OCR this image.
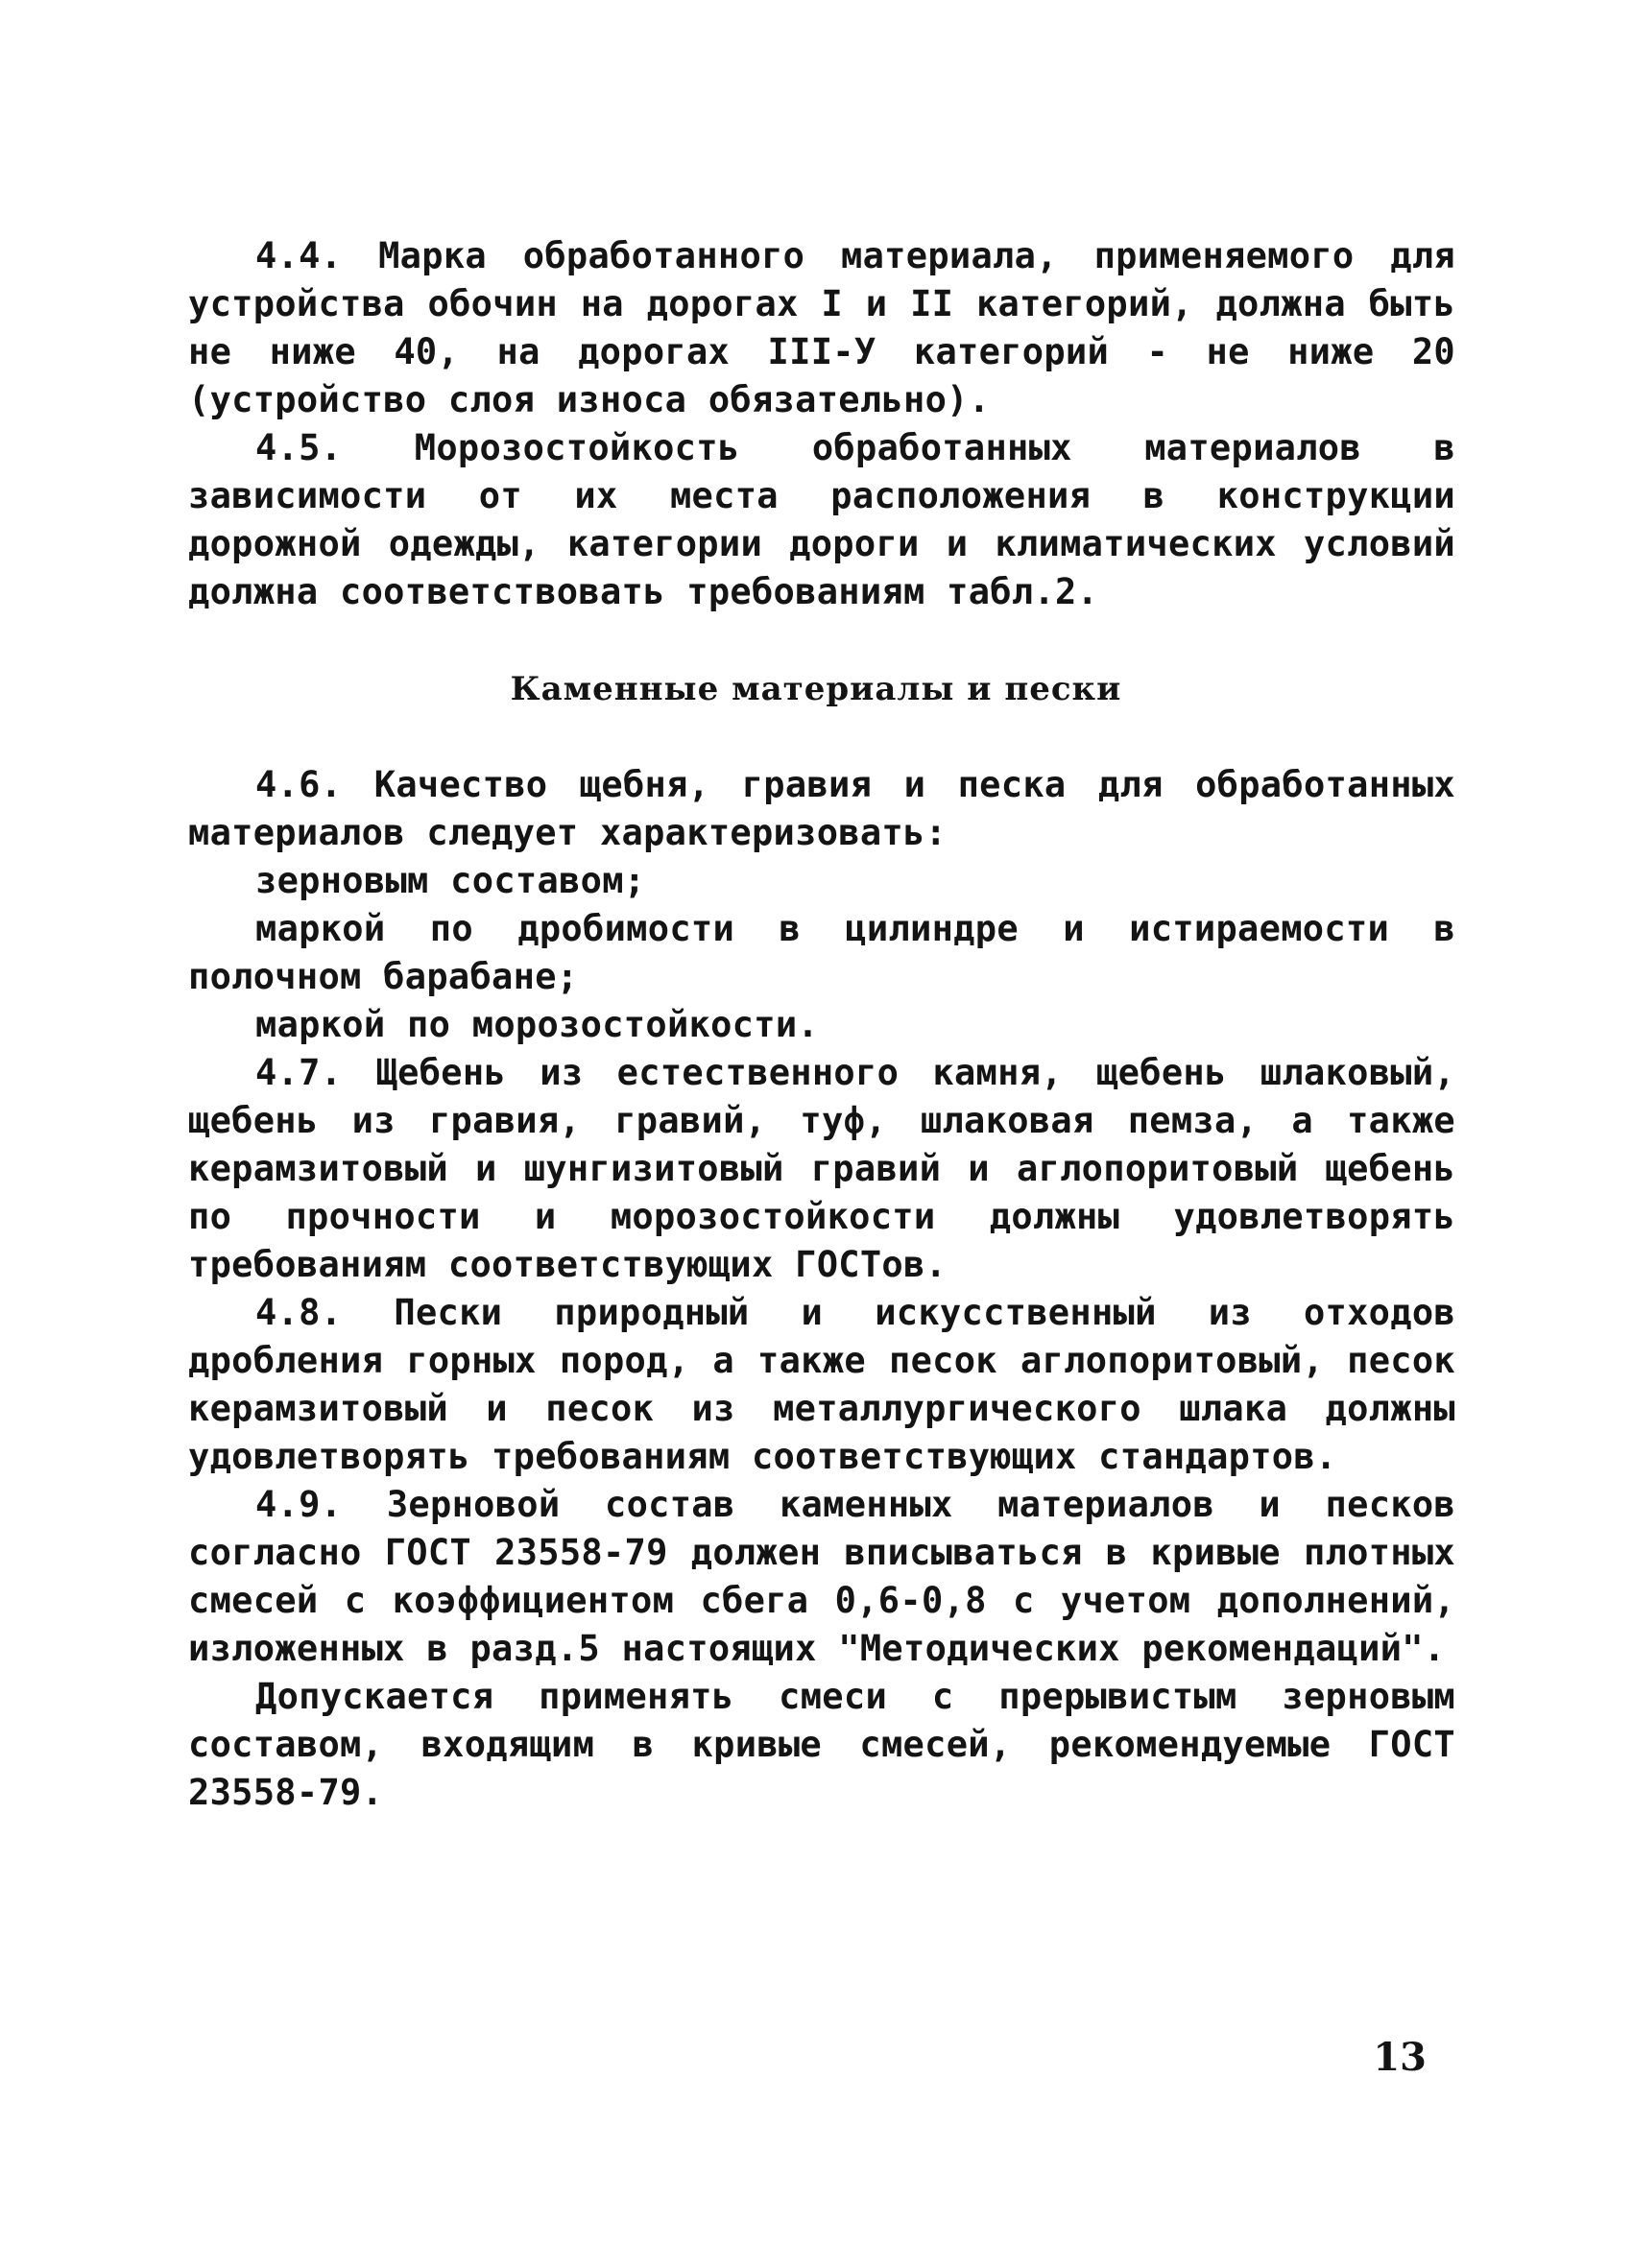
4.4. Марка обработанного материала, применяемого для устройства обочин на дорогах I и II категорий, должна быть не ниже 40, на дорогах III-У категорий - не ниже 20 (устройство слоя износа обязательно).

4.5. Морозостойкость обработанных материалов в зависимости от их места расположения в конструкции дорожной одежды, категории дороги и климатических условий должна соответствовать требованиям табл.2.

Каменные материалы и пески

4.6. Качество щебня, гравия и песка для обработанных материалов следует характеризовать:

зерновым составом;

маркой по дробимости в цилиндре и истираемости в полочном барабане;

маркой по морозостойкости.

4.7. Щебень из естественного камня, щебень шлаковый, щебень из гравия, гравий, туф, шлаковая пемза, а также керамзитовый и шунгизитовый гравий и аглопоритовый щебень по прочности и морозостойкости должны удовлетворять требованиям соответствующих ГОСТов.

4.8. Пески природный и искусственный из отходов дробления горных пород, а также песок аглопоритовый, песок керамзитовый и песок из металлургического шлака должны удовлетворять требованиям соответствующих стандартов.

4.9. Зерновой состав каменных материалов и песков согласно ГОСТ 23558-79 должен вписываться в кривые плотных смесей с коэффициентом сбега 0,6-0,8 с учетом дополнений, изложенных в разд.5 настоящих "Методических рекомендаций".

Допускается применять смеси с прерывистым зерновым составом, входящим в кривые смесей, рекомендуемые ГОСТ 23558-79.

13
